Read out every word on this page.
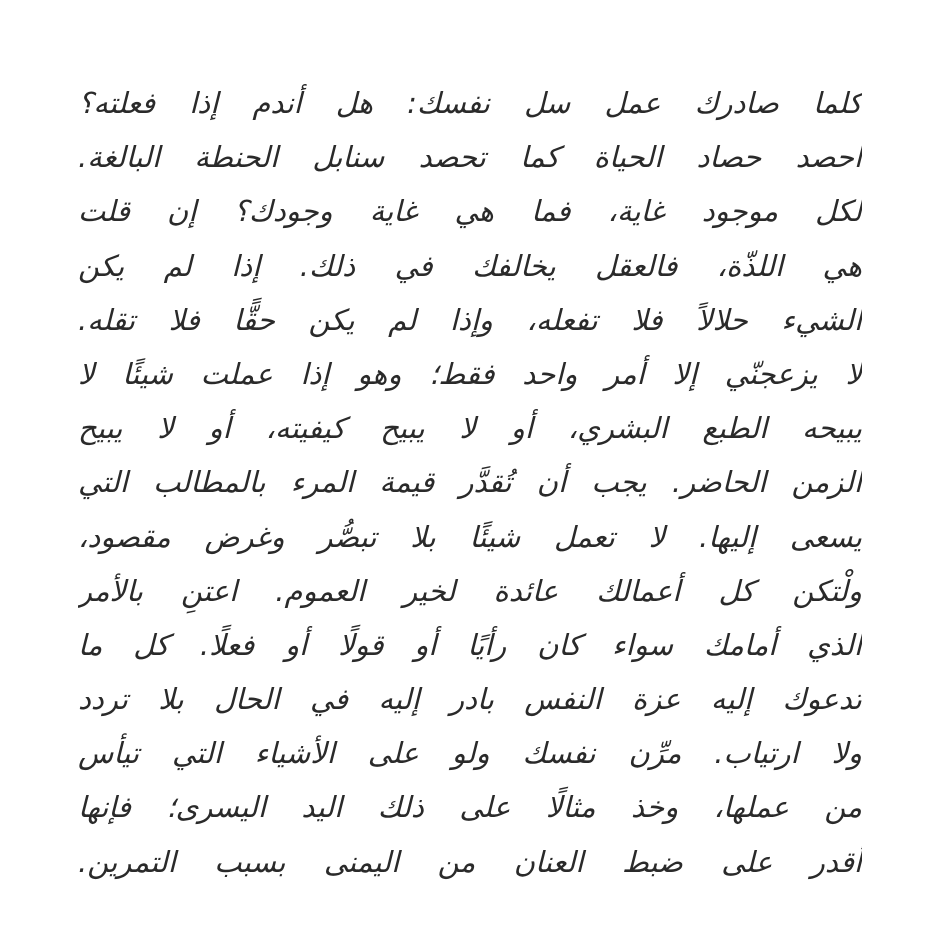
كلما صادرك عمل سل نفسك: هل أندم إذا فعلته؟
احصد حصاد الحياة كما تحصد سنابل الحنطة البالغة.
لكل موجود غاية، فما هي غاية وجودك؟ إن قلت
هي اللذّة، فالعقل يخالفك في ذلك. إذا لم يكن
الشيء حلالاً فلا تفعله، وإذا لم يكن حقًّا فلا تقله.
لا يزعجنّي إلا أمر واحد فقط؛ وهو إذا عملت شيئًا لا
يبيحه الطبع البشري، أو لا يبيح كيفيته، أو لا يبيح
الزمن الحاضر. يجب أن تُقدَّر قيمة المرء بالمطالب التي
يسعى إليها. لا تعمل شيئًا بلا تبصُّر وغرض مقصود،
ولْتكن كل أعمالك عائدة لخير العموم. اعتنِ بالأمر
الذي أمامك سواء كان رأيًا أو قولًا أو فعلًا. كل ما
تدعوك إليه عزة النفس بادر إليه في الحال بلا تردد
ولا ارتياب. مرِّن نفسك ولو على الأشياء التي تيأس
من عملها، وخذ مثالًا على ذلك اليد اليسرى؛ فإنها
أقدر على ضبط العنان من اليمنى بسبب التمرين.
